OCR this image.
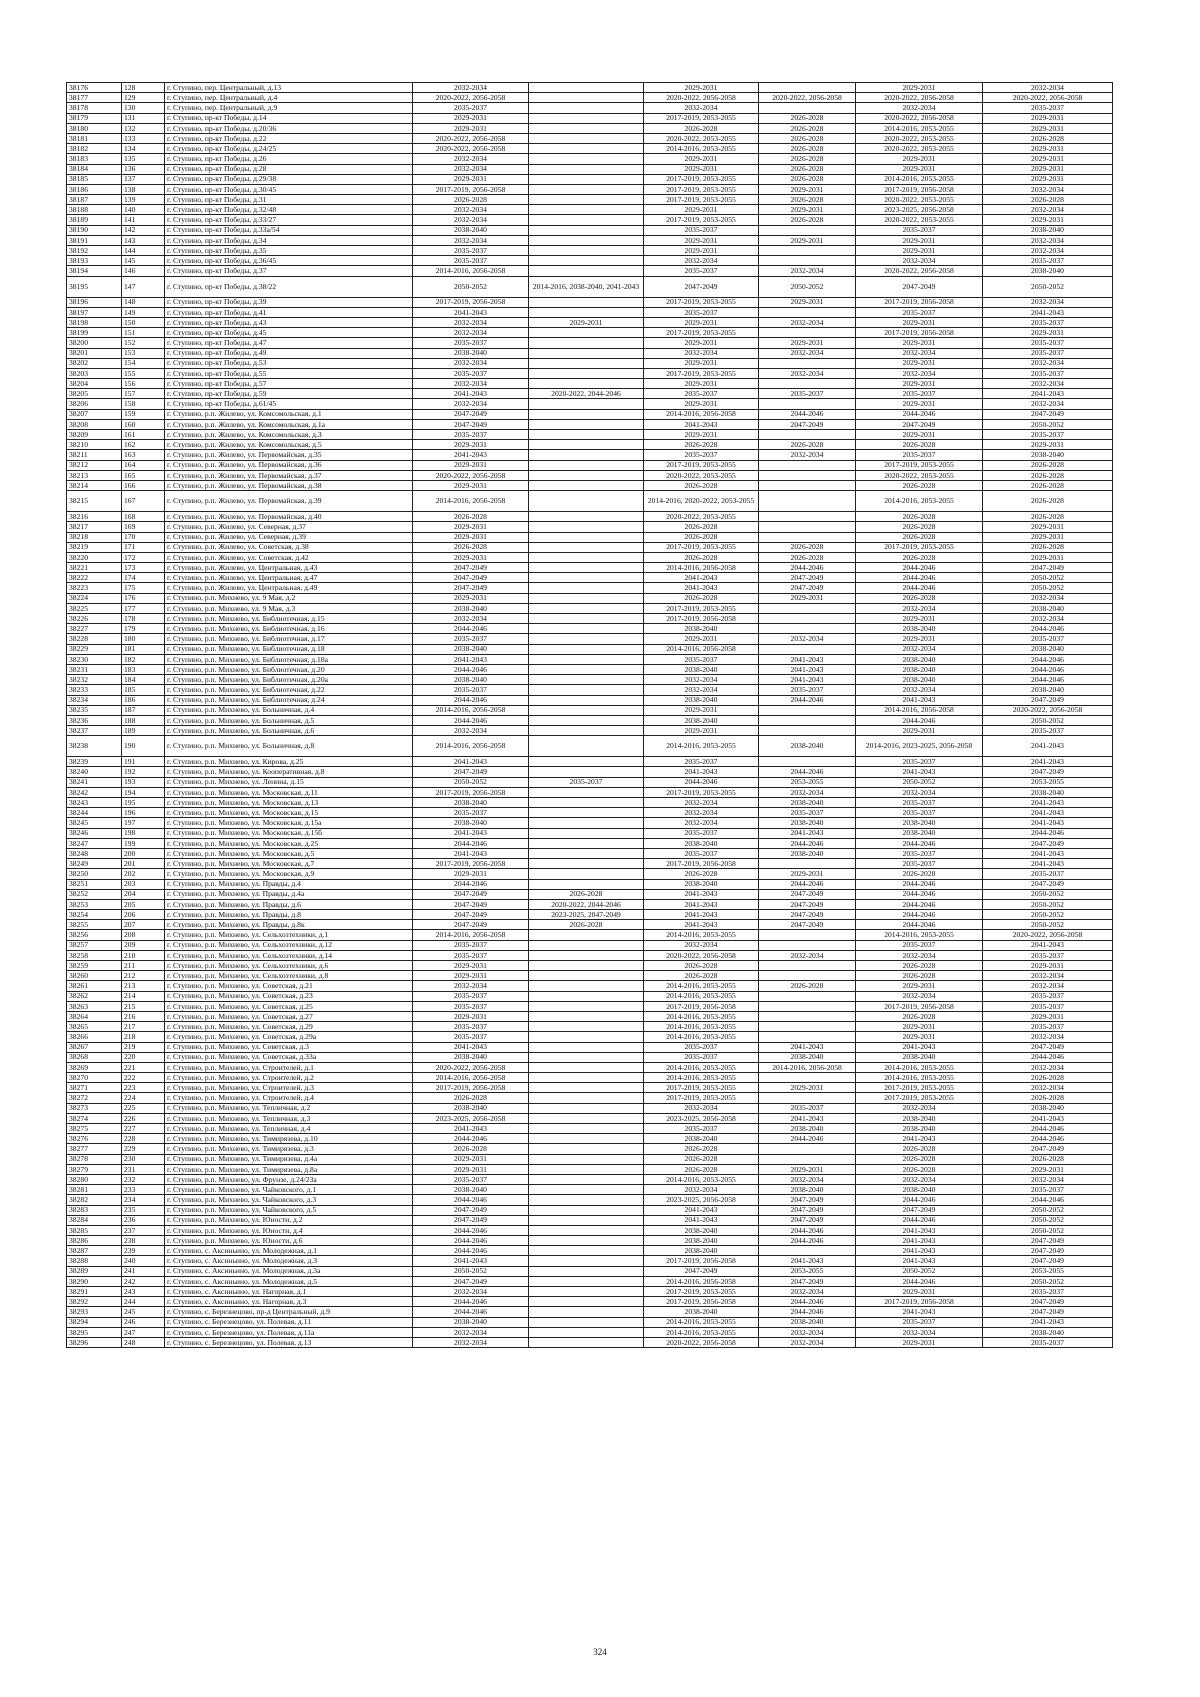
38176	128	г. Ступино, пер. Центральный, д.13	2032-2034		2029-2031		2029-2031	2032-2034
38177	129	г. Ступино, пер. Центральный, д.4	2020-2022, 2056-2058		2020-2022, 2056-2058	2020-2022, 2056-2058	2020-2022, 2056-2058	2020-2022, 2056-2058
38178	130	г. Ступино, пер. Центральный, д.9	2035-2037		2032-2034		2032-2034	2035-2037
38179	131	г. Ступино, пр-кт Победы, д.14	2029-2031		2017-2019, 2053-2055	2026-2028	2020-2022, 2056-2058	2029-2031
38180	132	г. Ступино, пр-кт Победы, д.20/36	2029-2031		2026-2028	2026-2028	2014-2016, 2053-2055	2029-2031
38181	133	г. Ступино, пр-кт Победы, д.22	2020-2022, 2056-2058		2020-2022, 2053-2055	2026-2028	2020-2022, 2053-2055	2026-2028
38182	134	г. Ступино, пр-кт Победы, д.24/25	2020-2022, 2056-2058		2014-2016, 2053-2055	2026-2028	2020-2022, 2053-2055	2029-2031
38183	135	г. Ступино, пр-кт Победы, д.26	2032-2034		2029-2031	2026-2028	2029-2031	2029-2031
38184	136	г. Ступино, пр-кт Победы, д.28	2032-2034		2029-2031	2026-2028	2029-2031	2029-2031
38185	137	г. Ступино, пр-кт Победы, д.29/38	2029-2031		2017-2019, 2053-2055	2026-2028	2014-2016, 2053-2055	2029-2031
38186	138	г. Ступино, пр-кт Победы, д.30/45	2017-2019, 2056-2058		2017-2019, 2053-2055	2029-2031	2017-2019, 2056-2058	2032-2034
38187	139	г. Ступино, пр-кт Победы, д.31	2026-2028		2017-2019, 2053-2055	2026-2028	2020-2022, 2053-2055	2026-2028
38188	140	г. Ступино, пр-кт Победы, д.32/48	2032-2034		2029-2031	2029-2031	2023-2025, 2056-2058	2032-2034
38189	141	г. Ступино, пр-кт Победы, д.33/27	2032-2034		2017-2019, 2053-2055	2026-2028	2020-2022, 2053-2055	2029-2031
38190	142	г. Ступино, пр-кт Победы, д.33а/54	2038-2040		2035-2037		2035-2037	2038-2040
38191	143	г. Ступино, пр-кт Победы, д.34	2032-2034		2029-2031	2029-2031	2029-2031	2032-2034
38192	144	г. Ступино, пр-кт Победы, д.35	2035-2037		2029-2031		2029-2031	2032-2034
38193	145	г. Ступино, пр-кт Победы, д.36/45	2035-2037		2032-2034		2032-2034	2035-2037
38194	146	г. Ступино, пр-кт Победы, д.37	2014-2016, 2056-2058		2035-2037	2032-2034	2020-2022, 2056-2058	2038-2040
38195	147	г. Ступино, пр-кт Победы, д.38/22	2050-2052	2014-2016, 2038-2040, 2041-2043	2047-2049	2050-2052	2047-2049	2050-2052
38196	148	г. Ступино, пр-кт Победы, д.39	2017-2019, 2056-2058		2017-2019, 2053-2055	2029-2031	2017-2019, 2056-2058	2032-2034
38197	149	г. Ступино, пр-кт Победы, д.41	2041-2043		2035-2037		2035-2037	2041-2043
38198	150	г. Ступино, пр-кт Победы, д.43	2032-2034	2029-2031	2029-2031	2032-2034	2029-2031	2035-2037
38199	151	г. Ступино, пр-кт Победы, д.45	2032-2034		2017-2019, 2053-2055		2017-2019, 2056-2058	2029-2031
38200	152	г. Ступино, пр-кт Победы, д.47	2035-2037		2029-2031	2029-2031	2029-2031	2035-2037
38201	153	г. Ступино, пр-кт Победы, д.49	2038-2040		2032-2034	2032-2034	2032-2034	2035-2037
38202	154	г. Ступино, пр-кт Победы, д.53	2032-2034		2029-2031		2029-2031	2032-2034
38203	155	г. Ступино, пр-кт Победы, д.55	2035-2037		2017-2019, 2053-2055	2032-2034	2032-2034	2035-2037
38204	156	г. Ступино, пр-кт Победы, д.57	2032-2034		2029-2031		2029-2031	2032-2034
38205	157	г. Ступино, пр-кт Победы, д.59	2041-2043	2020-2022, 2044-2046	2035-2037	2035-2037	2035-2037	2041-2043
38206	158	г. Ступино, пр-кт Победы, д.61/45	2032-2034		2029-2031		2029-2031	2032-2034
38207	159	г. Ступино, р.п. Жилево, ул. Комсомольская, д.1	2047-2049		2014-2016, 2056-2058	2044-2046	2044-2046	2047-2049
38208	160	г. Ступино, р.п. Жилево, ул. Комсомольская, д.1а	2047-2049		2041-2043	2047-2049	2047-2049	2050-2052
38209	161	г. Ступино, р.п. Жилево, ул. Комсомольская, д.3	2035-2037		2029-2031		2029-2031	2035-2037
38210	162	г. Ступино, р.п. Жилево, ул. Комсомольская, д.5	2029-2031		2026-2028	2026-2028	2026-2028	2029-2031
38211	163	г. Ступино, р.п. Жилево, ул. Первомайская, д.35	2041-2043		2035-2037	2032-2034	2035-2037	2038-2040
38212	164	г. Ступино, р.п. Жилево, ул. Первомайская, д.36	2029-2031		2017-2019, 2053-2055		2017-2019, 2053-2055	2026-2028
38213	165	г. Ступино, р.п. Жилево, ул. Первомайская, д.37	2020-2022, 2056-2058		2020-2022, 2053-2055		2020-2022, 2053-2055	2026-2028
38214	166	г. Ступино, р.п. Жилево, ул. Первомайская, д.38	2029-2031		2026-2028		2026-2028	2026-2028
38215	167	г. Ступино, р.п. Жилево, ул. Первомайская, д.39	2014-2016, 2056-2058		2014-2016, 2020-2022, 2053-2055		2014-2016, 2053-2055	2026-2028
38216	168	г. Ступино, р.п. Жилево, ул. Первомайская, д.40	2026-2028		2020-2022, 2053-2055		2026-2028	2026-2028
38217	169	г. Ступино, р.п. Жилево, ул. Северная, д.37	2029-2031		2026-2028		2026-2028	2029-2031
38218	170	г. Ступино, р.п. Жилево, ул. Северная, д.39	2029-2031		2026-2028		2026-2028	2029-2031
38219	171	г. Ступино, р.п. Жилево, ул. Советская, д.38	2026-2028		2017-2019, 2053-2055	2026-2028	2017-2019, 2053-2055	2026-2028
38220	172	г. Ступино, р.п. Жилево, ул. Советская, д.42	2029-2031		2026-2028	2026-2028	2026-2028	2029-2031
38221	173	г. Ступино, р.п. Жилево, ул. Центральная, д.43	2047-2049		2014-2016, 2056-2058	2044-2046	2044-2046	2047-2049
38222	174	г. Ступино, р.п. Жилево, ул. Центральная, д.47	2047-2049		2041-2043	2047-2049	2044-2046	2050-2052
38223	175	г. Ступино, р.п. Жилево, ул. Центральная, д.49	2047-2049		2041-2043	2047-2049	2044-2046	2050-2052
38224	176	г. Ступино, р.п. Михнево, ул. 9 Мая, д.2	2029-2031		2026-2028	2029-2031	2026-2028	2032-2034
38225	177	г. Ступино, р.п. Михнево, ул. 9 Мая, д.3	2038-2040		2017-2019, 2053-2055		2032-2034	2038-2040
38226	178	г. Ступино, р.п. Михнево, ул. Библиотечная, д.15	2032-2034		2017-2019, 2056-2058		2029-2031	2032-2034
38227	179	г. Ступино, р.п. Михнево, ул. Библиотечная, д.16	2044-2046		2038-2040		2038-2040	2044-2046
38228	180	г. Ступино, р.п. Михнево, ул. Библиотечная, д.17	2035-2037		2029-2031	2032-2034	2029-2031	2035-2037
38229	181	г. Ступино, р.п. Михнево, ул. Библиотечная, д.18	2038-2040		2014-2016, 2056-2058		2032-2034	2038-2040
38230	182	г. Ступино, р.п. Михнево, ул. Библиотечная, д.18а	2041-2043		2035-2037	2041-2043	2038-2040	2044-2046
38231	183	г. Ступино, р.п. Михнево, ул. Библиотечная, д.20	2044-2046		2038-2040	2041-2043	2038-2040	2044-2046
38232	184	г. Ступино, р.п. Михнево, ул. Библиотечная, д.20а	2038-2040		2032-2034	2041-2043	2038-2040	2044-2046
38233	185	г. Ступино, р.п. Михнево, ул. Библиотечная, д.22	2035-2037		2032-2034	2035-2037	2032-2034	2038-2040
38234	186	г. Ступино, р.п. Михнево, ул. Библиотечная, д.24	2044-2046		2038-2040	2044-2046	2041-2043	2047-2049
38235	187	г. Ступино, р.п. Михнево, ул. Больничная, д.4	2014-2016, 2056-2058		2029-2031		2014-2016, 2056-2058	2020-2022, 2056-2058
38236	188	г. Ступино, р.п. Михнево, ул. Больничная, д.5	2044-2046		2038-2040		2044-2046	2050-2052
38237	189	г. Ступино, р.п. Михнево, ул. Больничная, д.6	2032-2034		2029-2031		2029-2031	2035-2037
38238	190	г. Ступино, р.п. Михнево, ул. Больничная, д.8	2014-2016, 2056-2058		2014-2016, 2053-2055	2038-2040	2014-2016, 2023-2025, 2056-2058	2041-2043
38239	191	г. Ступино, р.п. Михнево, ул. Кирова, д.25	2041-2043		2035-2037		2035-2037	2041-2043
38240	192	г. Ступино, р.п. Михнево, ул. Кооперативная, д.8	2047-2049		2041-2043	2044-2046	2041-2043	2047-2049
38241	193	г. Ступино, р.п. Михнево, ул. Ленина, д.15	2050-2052	2035-2037	2044-2046	2053-2055	2050-2052	2053-2055
38242	194	г. Ступино, р.п. Михнево, ул. Московская, д.11	2017-2019, 2056-2058		2017-2019, 2053-2055	2032-2034	2032-2034	2038-2040
38243	195	г. Ступино, р.п. Михнево, ул. Московская, д.13	2038-2040		2032-2034	2038-2040	2035-2037	2041-2043
38244	196	г. Ступино, р.п. Михнево, ул. Московская, д.15	2035-2037		2032-2034	2035-2037	2035-2037	2041-2043
38245	197	г. Ступино, р.п. Михнево, ул. Московская, д.15а	2038-2040		2032-2034	2038-2040	2038-2040	2041-2043
38246	198	г. Ступино, р.п. Михнево, ул. Московская, д.15б	2041-2043		2035-2037	2041-2043	2038-2040	2044-2046
38247	199	г. Ступино, р.п. Михнево, ул. Московская, д.25	2044-2046		2038-2040	2044-2046	2044-2046	2047-2049
38248	200	г. Ступино, р.п. Михнево, ул. Московская, д.5	2041-2043		2035-2037	2038-2040	2035-2037	2041-2043
38249	201	г. Ступино, р.п. Михнево, ул. Московская, д.7	2017-2019, 2056-2058		2017-2019, 2056-2058		2035-2037	2041-2043
38250	202	г. Ступино, р.п. Михнево, ул. Московская, д.9	2029-2031		2026-2028	2029-2031	2026-2028	2035-2037
38251	203	г. Ступино, р.п. Михнево, ул. Правды, д.4	2044-2046		2038-2040	2044-2046	2044-2046	2047-2049
38252	204	г. Ступино, р.п. Михнево, ул. Правды, д.4а	2047-2049	2026-2028	2041-2043	2047-2049	2044-2046	2050-2052
38253	205	г. Ступино, р.п. Михнево, ул. Правды, д.6	2047-2049	2020-2022, 2044-2046	2041-2043	2047-2049	2044-2046	2050-2052
38254	206	г. Ступино, р.п. Михнево, ул. Правды, д.8	2047-2049	2023-2025, 2047-2049	2041-2043	2047-2049	2044-2046	2050-2052
38255	207	г. Ступино, р.п. Михнево, ул. Правды, д.8к	2047-2049	2026-2028	2041-2043	2047-2049	2044-2046	2050-2052
38256	208	г. Ступино, р.п. Михнево, ул. Сельхозтехники, д.1	2014-2016, 2056-2058		2014-2016, 2053-2055		2014-2016, 2053-2055	2020-2022, 2056-2058
38257	209	г. Ступино, р.п. Михнево, ул. Сельхозтехники, д.12	2035-2037		2032-2034		2035-2037	2041-2043
38258	210	г. Ступино, р.п. Михнево, ул. Сельхозтехники, д.14	2035-2037		2020-2022, 2056-2058	2032-2034	2032-2034	2035-2037
38259	211	г. Ступино, р.п. Михнево, ул. Сельхозтехники, д.6	2029-2031		2026-2028		2026-2028	2029-2031
38260	212	г. Ступино, р.п. Михнево, ул. Сельхозтехники, д.8	2029-2031		2026-2028		2026-2028	2032-2034
38261	213	г. Ступино, р.п. Михнево, ул. Советская, д.21	2032-2034		2014-2016, 2053-2055	2026-2028	2029-2031	2032-2034
38262	214	г. Ступино, р.п. Михнево, ул. Советская, д.23	2035-2037		2014-2016, 2053-2055		2032-2034	2035-2037
38263	215	г. Ступино, р.п. Михнево, ул. Советская, д.25	2035-2037		2017-2019, 2056-2058		2017-2019, 2056-2058	2035-2037
38264	216	г. Ступино, р.п. Михнево, ул. Советская, д.27	2029-2031		2014-2016, 2053-2055		2026-2028	2029-2031
38265	217	г. Ступино, р.п. Михнево, ул. Советская, д.29	2035-2037		2014-2016, 2053-2055		2029-2031	2035-2037
38266	218	г. Ступино, р.п. Михнево, ул. Советская, д.29а	2035-2037		2014-2016, 2053-2055		2029-2031	2032-2034
38267	219	г. Ступино, р.п. Михнево, ул. Советская, д.3	2041-2043		2035-2037	2041-2043	2041-2043	2047-2049
38268	220	г. Ступино, р.п. Михнево, ул. Советская, д.33а	2038-2040		2035-2037	2038-2040	2038-2040	2044-2046
38269	221	г. Ступино, р.п. Михнево, ул. Строителей, д.1	2020-2022, 2056-2058		2014-2016, 2053-2055	2014-2016, 2056-2058	2014-2016, 2053-2055	2032-2034
38270	222	г. Ступино, р.п. Михнево, ул. Строителей, д.2	2014-2016, 2056-2058		2014-2016, 2053-2055		2014-2016, 2053-2055	2026-2028
38271	223	г. Ступино, р.п. Михнево, ул. Строителей, д.3	2017-2019, 2056-2058		2017-2019, 2053-2055	2029-2031	2017-2019, 2053-2055	2032-2034
38272	224	г. Ступино, р.п. Михнево, ул. Строителей, д.4	2026-2028		2017-2019, 2053-2055		2017-2019, 2053-2055	2026-2028
38273	225	г. Ступино, р.п. Михнево, ул. Тепличная, д.2	2038-2040		2032-2034	2035-2037	2032-2034	2038-2040
38274	226	г. Ступино, р.п. Михнево, ул. Тепличная, д.3	2023-2025, 2056-2058		2023-2025, 2056-2058	2041-2043	2038-2040	2041-2043
38275	227	г. Ступино, р.п. Михнево, ул. Тепличная, д.4	2041-2043		2035-2037	2038-2040	2038-2040	2044-2046
38276	228	г. Ступино, р.п. Михнево, ул. Тимирязева, д.10	2044-2046		2038-2040	2044-2046	2041-2043	2044-2046
38277	229	г. Ступино, р.п. Михнево, ул. Тимирязева, д.3	2026-2028		2026-2028		2026-2028	2047-2049
38278	230	г. Ступино, р.п. Михнево, ул. Тимирязева, д.4а	2029-2031		2026-2028		2026-2028	2026-2028
38279	231	г. Ступино, р.п. Михнево, ул. Тимирязева, д.8а	2029-2031		2026-2028	2029-2031	2026-2028	2029-2031
38280	232	г. Ступино, р.п. Михнево, ул. Фрунзе, д.24/23а	2035-2037		2014-2016, 2053-2055	2032-2034	2032-2034	2032-2034
38281	233	г. Ступино, р.п. Михнево, ул. Чайковского, д.1	2038-2040		2032-2034	2038-2040	2038-2040	2035-2037
38282	234	г. Ступино, р.п. Михнево, ул. Чайковского, д.3	2044-2046		2023-2025, 2056-2058	2047-2049	2044-2046	2044-2046
38283	235	г. Ступино, р.п. Михнево, ул. Чайковского, д.5	2047-2049		2041-2043	2047-2049	2047-2049	2050-2052
38284	236	г. Ступино, р.п. Михнево, ул. Юности, д.2	2047-2049		2041-2043	2047-2049	2044-2046	2050-2052
38285	237	г. Ступино, р.п. Михнево, ул. Юности, д.4	2044-2046		2038-2040	2044-2046	2041-2043	2050-2052
38286	238	г. Ступино, р.п. Михнево, ул. Юности, д.6	2044-2046		2038-2040	2044-2046	2041-2043	2047-2049
38287	239	г. Ступино, с. Аксиньино, ул. Молодежная, д.1	2044-2046		2038-2040		2041-2043	2047-2049
38288	240	г. Ступино, с. Аксиньино, ул. Молодежная, д.3	2041-2043		2017-2019, 2056-2058	2041-2043	2041-2043	2047-2049
38289	241	г. Ступино, с. Аксиньино, ул. Молодежная, д.3а	2050-2052		2047-2049	2053-2055	2050-2052	2053-2055
38290	242	г. Ступино, с. Аксиньино, ул. Молодежная, д.5	2047-2049		2014-2016, 2056-2058	2047-2049	2044-2046	2050-2052
38291	243	г. Ступино, с. Аксиньино, ул. Нагорная, д.1	2032-2034		2017-2019, 2053-2055	2032-2034	2029-2031	2035-2037
38292	244	г. Ступино, с. Аксиньино, ул. Нагорная, д.3	2044-2046		2017-2019, 2056-2058	2044-2046	2017-2019, 2056-2058	2047-2049
38293	245	г. Ступино, с. Березнецово, пр-д Центральный, д.9	2044-2046		2038-2040	2044-2046	2041-2043	2047-2049
38294	246	г. Ступино, с. Березнецово, ул. Полевая, д.11	2038-2040		2014-2016, 2053-2055	2038-2040	2035-2037	2041-2043
38295	247	г. Ступино, с. Березнецово, ул. Полевая, д.11а	2032-2034		2014-2016, 2053-2055	2032-2034	2032-2034	2038-2040
38296	248	г. Ступино, с. Березнецово, ул. Полевая, д.13	2032-2034		2020-2022, 2056-2058	2032-2034	2029-2031	2035-2037
324
